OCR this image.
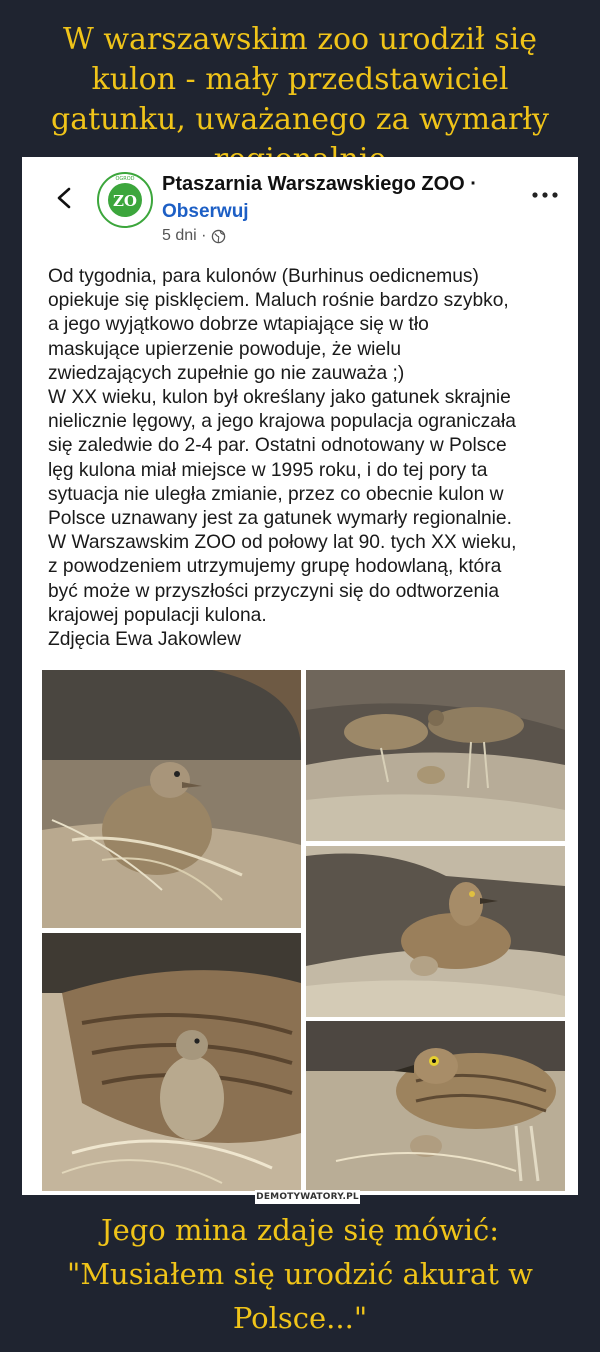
W warszawskim zoo urodził się kulon - mały przedstawiciel gatunku, uważanego za wymarły
ZO
OGROD Ptaszarnia Warszawskiego ZOO ·
Obserwuj
5 dni ·
Od tygodnia, para kulonów (Burhinus oedicnemus)
opiekuje się pisklęciem. Maluch rośnie bardzo szybko,
a jego wyjątkowo dobrze wtapiające się w tło
maskujące upierzenie powoduje, że wielu
zwiedzających zupełnie go nie zauważa ;)
W XX wieku, kulon był określany jako gatunek skrajnie
nielicznie lęgowy, a jego krajowa populacja ograniczała
się zaledwie do 2-4 par. Ostatni odnotowany w Polsce
lęg kulona miał miejsce w 1995 roku, i do tej pory ta
sytuacja nie uległa zmianie, przez co obecnie kulon w
Polsce uznawany jest za gatunek wymarły regionalnie.
W Warszawskim ZOO od połowy lat 90. tych XX wieku,
z powodzeniem utrzymujemy grupę hodowlaną, która
być może w przyszłości przyczyni się do odtworzenia
krajowej populacji kulona.
Zdjęcia Ewa Jakowlew
DEMOTYWATORY.PL
Jego mina zdaje się mówić: "Musiałem się urodzić akurat w Polsce..."
